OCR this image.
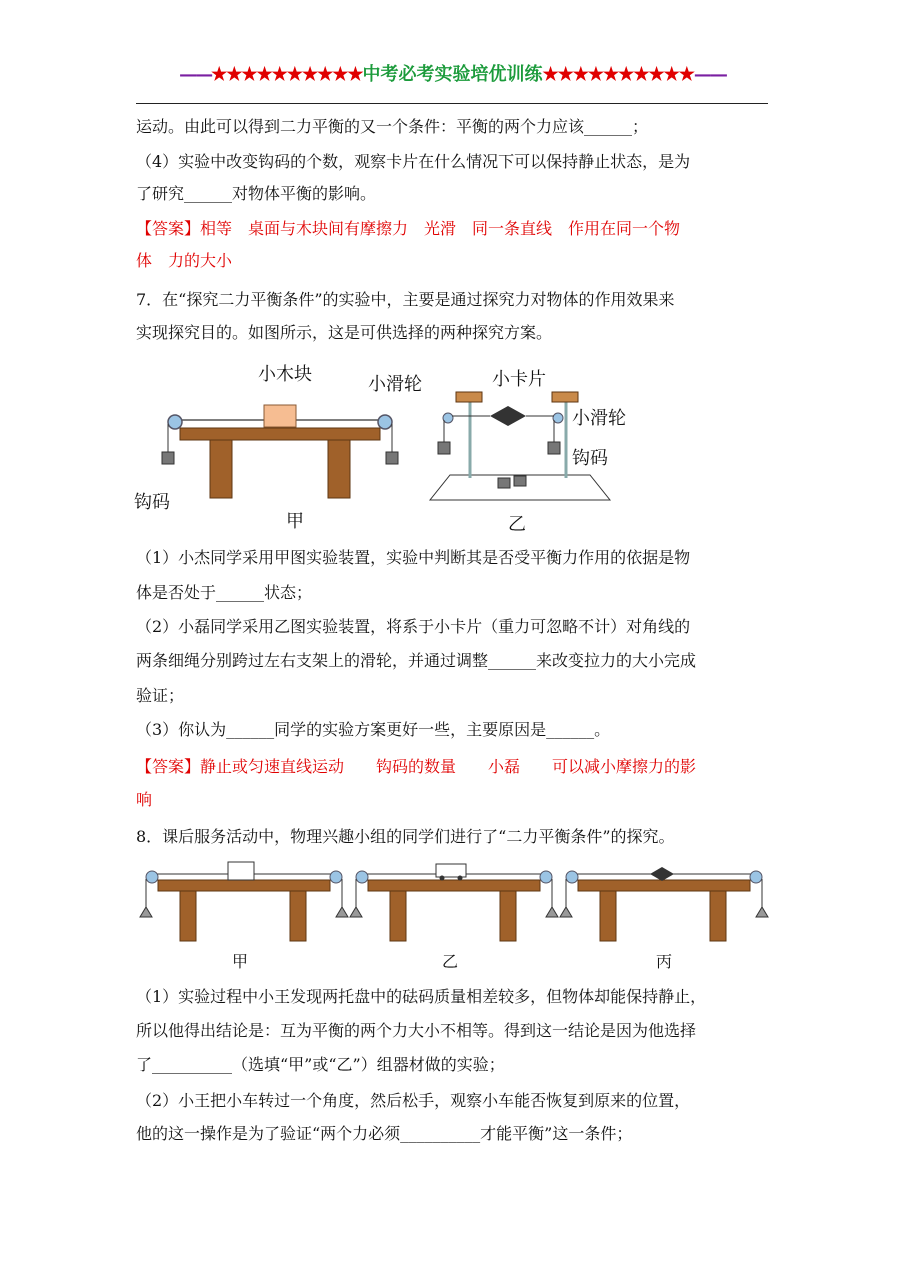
——★★★★★★★★★★中考必考实验培优训练★★★★★★★★★★——
运动。由此可以得到二力平衡的又一个条件：平衡的两个力应该______；
（4）实验中改变钩码的个数，观察卡片在什么情况下可以保持静止状态，是为
了研究______对物体平衡的影响。
【答案】相等　桌面与木块间有摩擦力　光滑　同一条直线　作用在同一个物
体　力的大小
7．在“探究二力平衡条件”的实验中，主要是通过探究力对物体的作用效果来
实现探究目的。如图所示，这是可供选择的两种探究方案。
小木块	小滑轮
钩码
甲
小卡片
小滑轮
钩码
乙
（1）小杰同学采用甲图实验装置，实验中判断其是否受平衡力作用的依据是物
体是否处于______状态；
（2）小磊同学采用乙图实验装置，将系于小卡片（重力可忽略不计）对角线的
两条细绳分别跨过左右支架上的滑轮，并通过调整______来改变拉力的大小完成
验证；
（3）你认为______同学的实验方案更好一些，主要原因是______。
【答案】静止或匀速直线运动　　钩码的数量　　小磊　　可以减小摩擦力的影
响
8．课后服务活动中，物理兴趣小组的同学们进行了“二力平衡条件”的探究。
甲	乙	丙
（1）实验过程中小王发现两托盘中的砝码质量相差较多，但物体却能保持静止，
所以他得出结论是：互为平衡的两个力大小不相等。得到这一结论是因为他选择
了__________（选填“甲”或“乙”）组器材做的实验；
（2）小王把小车转过一个角度，然后松手，观察小车能否恢复到原来的位置，
他的这一操作是为了验证“两个力必须__________才能平衡”这一条件；
